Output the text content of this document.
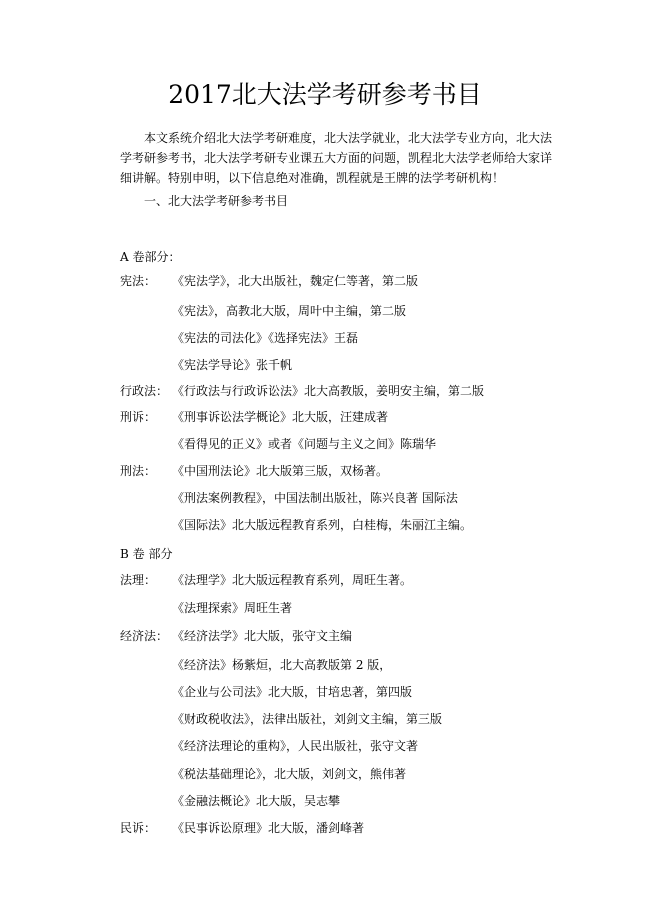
2017北大法学考研参考书目
本文系统介绍北大法学考研难度，北大法学就业，北大法学专业方向，北大法学考研参考书，北大法学考研专业课五大方面的问题，凯程北大法学老师给大家详细讲解。特别申明，以下信息绝对准确，凯程就是王牌的法学考研机构！
一、北大法学考研参考书目
A 卷部分：
宪法： 《宪法学》，北大出版社，魏定仁等著，第二版
《宪法》，高教北大版，周叶中主编，第二版
《宪法的司法化》《选择宪法》王磊
《宪法学导论》张千帆
行政法： 《行政法与行政诉讼法》北大高教版，姜明安主编，第二版
刑诉： 《刑事诉讼法学概论》北大版，汪建成著
《看得见的正义》或者《问题与主义之间》陈瑞华
刑法： 《中国刑法论》北大版第三版，双杨著。
《刑法案例教程》，中国法制出版社，陈兴良著 国际法
《国际法》北大版远程教育系列，白桂梅，朱丽江主编。
B 卷 部分
法理： 《法理学》北大版远程教育系列，周旺生著。
《法理探索》周旺生著
经济法： 《经济法学》北大版，张守文主编
《经济法》杨紫烜，北大高教版第 2 版，
《企业与公司法》北大版，甘培忠著，第四版
《财政税收法》，法律出版社，刘剑文主编，第三版
《经济法理论的重构》，人民出版社，张守文著
《税法基础理论》，北大版，刘剑文，熊伟著
《金融法概论》北大版，吴志攀
民诉： 《民事诉讼原理》北大版，潘剑峰著
